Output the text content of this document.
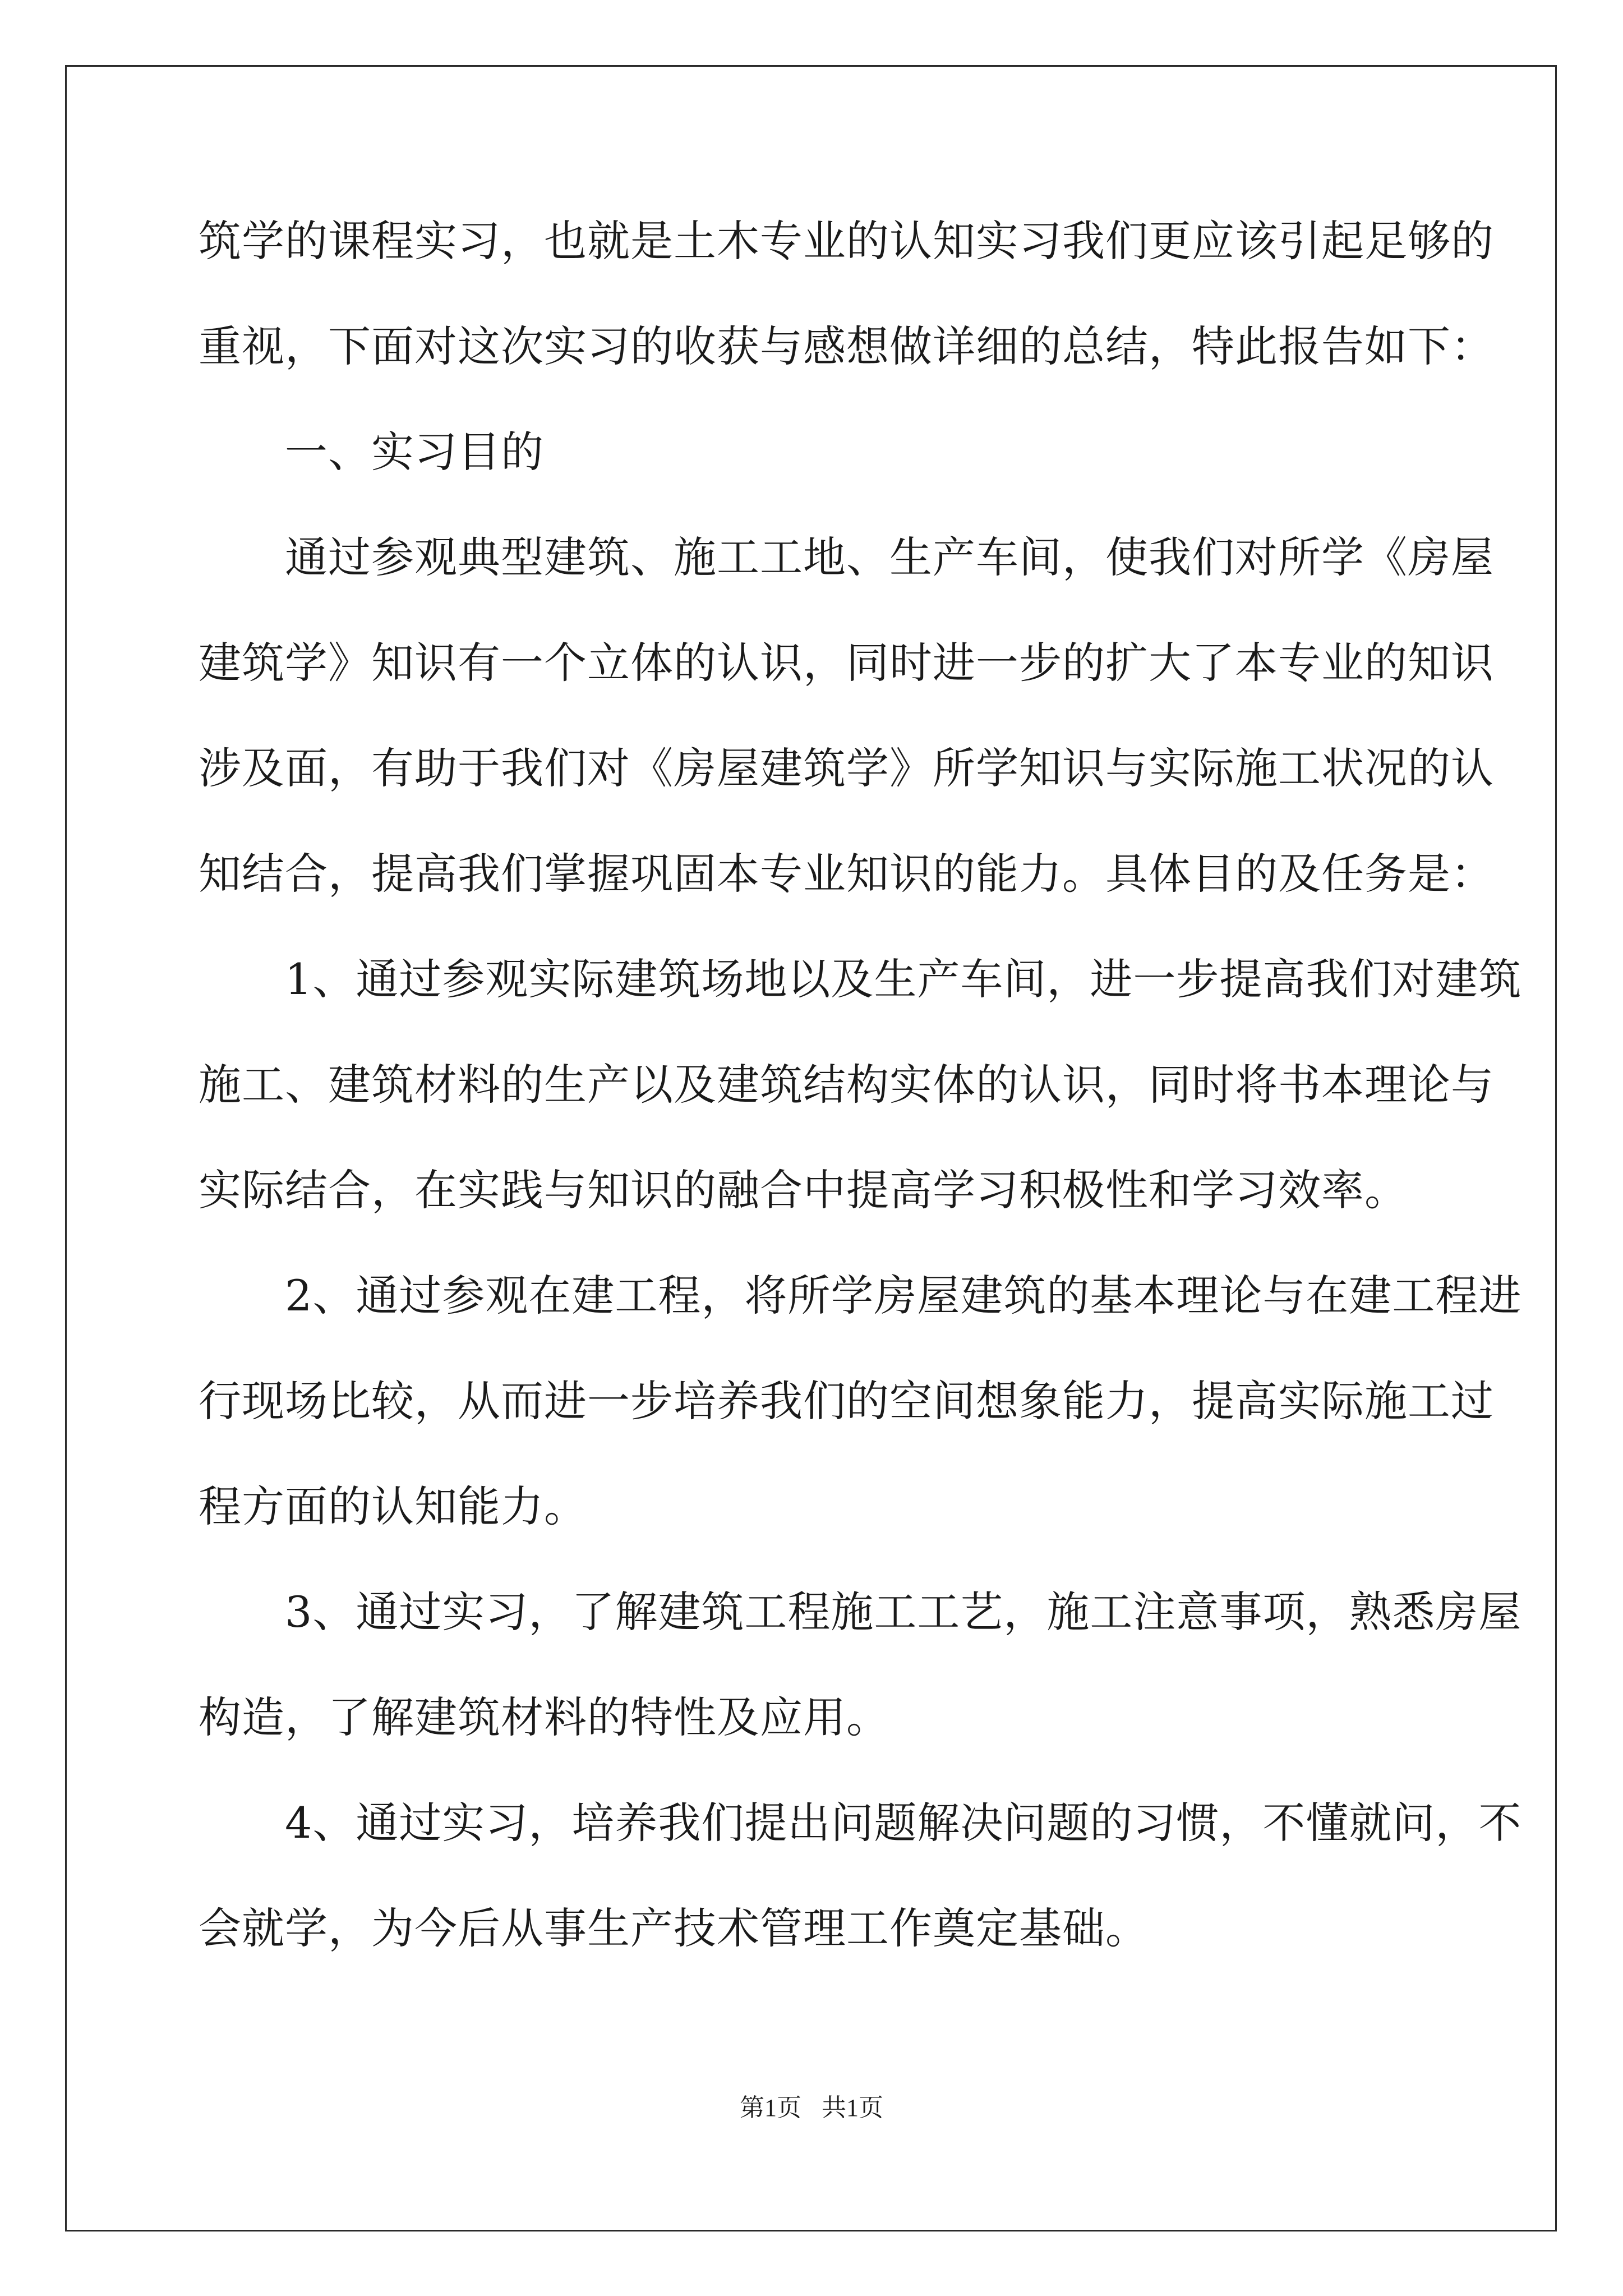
筑学的课程实习，也就是土木专业的认知实习我们更应该引起足够的
重视，下面对这次实习的收获与感想做详细的总结，特此报告如下：
一、实习目的
通过参观典型建筑、施工工地、生产车间，使我们对所学《房屋
建筑学》知识有一个立体的认识，同时进一步的扩大了本专业的知识
涉及面，有助于我们对《房屋建筑学》所学知识与实际施工状况的认
知结合，提高我们掌握巩固本专业知识的能力。具体目的及任务是：
1、通过参观实际建筑场地以及生产车间，进一步提高我们对建筑
施工、建筑材料的生产以及建筑结构实体的认识，同时将书本理论与
实际结合，在实践与知识的融合中提高学习积极性和学习效率。
2、通过参观在建工程，将所学房屋建筑的基本理论与在建工程进
行现场比较，从而进一步培养我们的空间想象能力，提高实际施工过
程方面的认知能力。
3、通过实习，了解建筑工程施工工艺，施工注意事项，熟悉房屋
构造，了解建筑材料的特性及应用。
4、通过实习，培养我们提出问题解决问题的习惯，不懂就问，不
会就学，为今后从事生产技术管理工作奠定基础。
第1页 共1页
